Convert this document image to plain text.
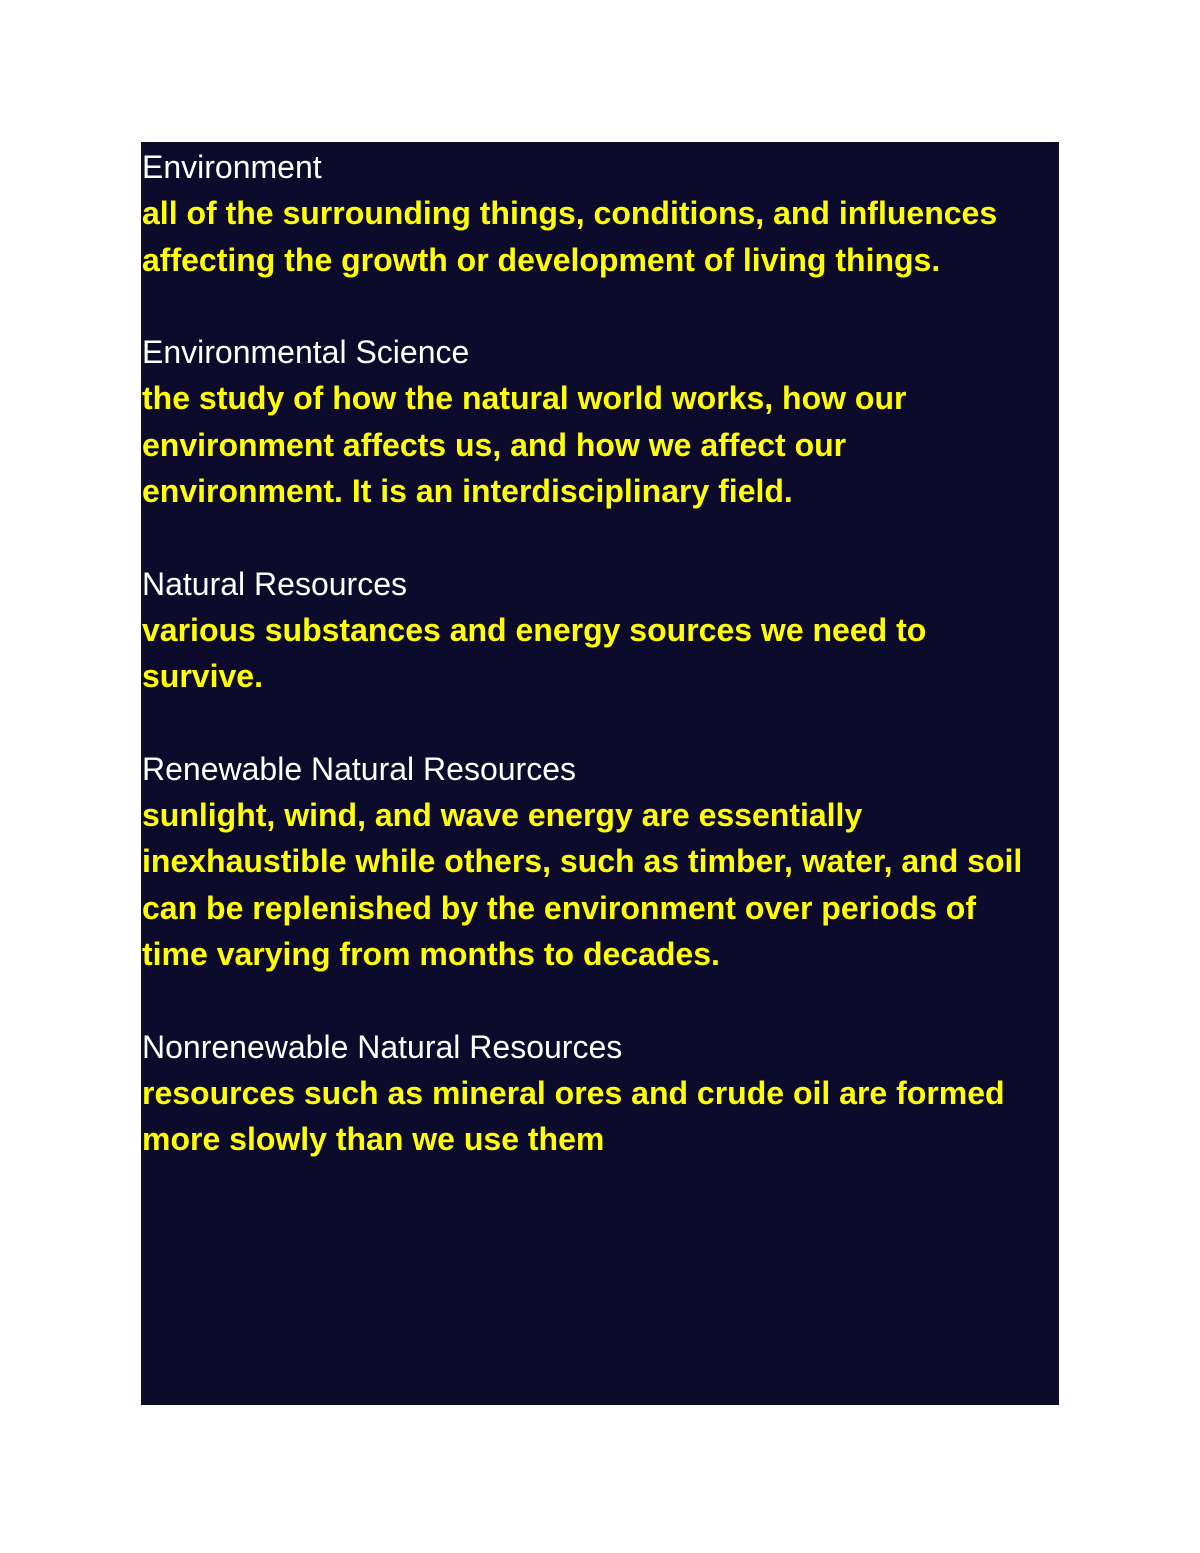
Environment
all of the surrounding things, conditions, and influences affecting the growth or development of living things.
Environmental Science
the study of how the natural world works, how our environment affects us, and how we affect our environment. It is an interdisciplinary field.
Natural Resources
various substances and energy sources we need to survive.
Renewable Natural Resources
sunlight, wind, and wave energy are essentially inexhaustible while others, such as timber, water, and soil can be replenished by the environment over periods of time varying from months to decades.
Nonrenewable Natural Resources
resources such as mineral ores and crude oil are formed more slowly than we use them
